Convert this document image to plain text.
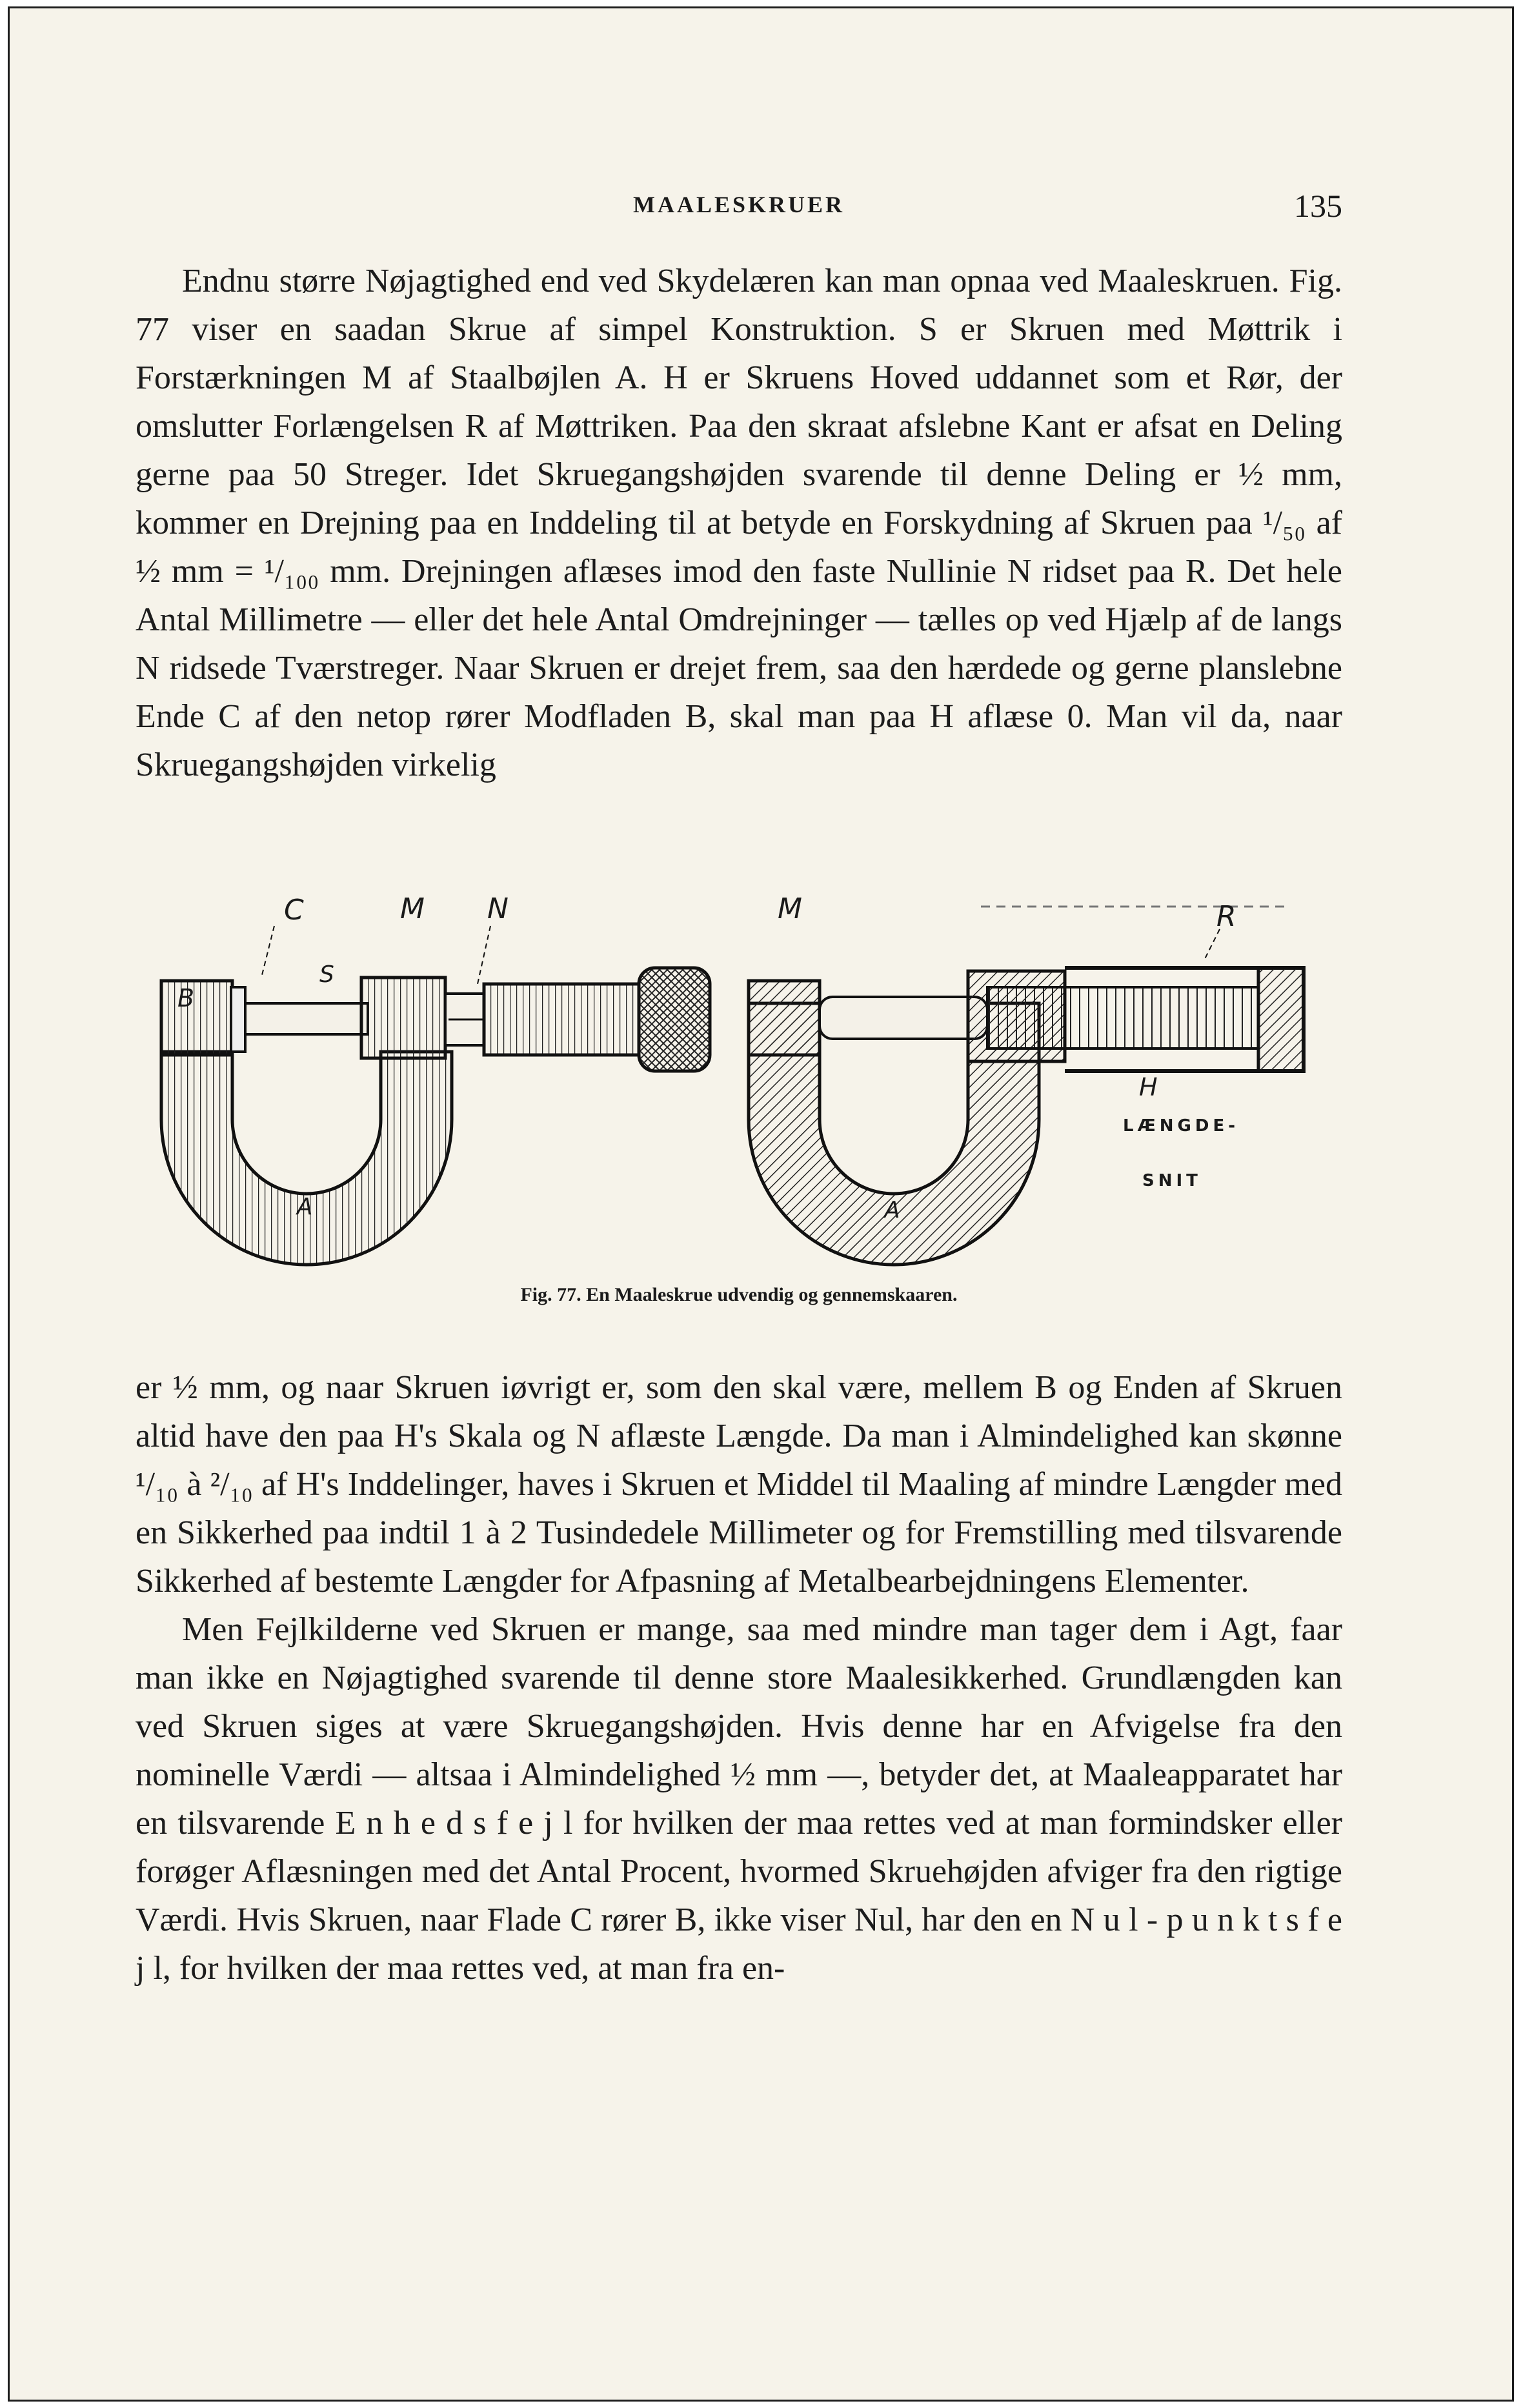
MAALESKRUER	135

Endnu større Nøjagtighed end ved Skydelæren kan man opnaa ved Maaleskruen. Fig. 77 viser en saadan Skrue af simpel Konstruktion. S er Skruen med Møttrik i Forstærkningen M af Staalbøjlen A. H er Skruens Hoved uddannet som et Rør, der omslutter Forlængelsen R af Møttriken. Paa den skraat afslebne Kant er afsat en Deling gerne paa 50 Streger. Idet Skruegangshøjden svarende til denne Deling er ½ mm, kommer en Drejning paa en Inddeling til at betyde en Forskydning af Skruen paa ¹/₅₀ af ½ mm = ¹/₁₀₀ mm. Drejningen aflæses imod den faste Nullinie N ridset paa R. Det hele Antal Millimetre — eller det hele Antal Omdrejninger — tælles op ved Hjælp af de langs N ridsede Tværstreger. Naar Skruen er drejet frem, saa den hærdede og gerne planslebne Ende C af den netop rører Modfladen B, skal man paa H aflæse 0. Man vil da, naar Skruegangshøjden virkelig

C	M N
S
B
A
M	R
H
A
LÆNGDE-
SNIT
Fig. 77. En Maaleskrue udvendig og gennemskaaren.

er ½ mm, og naar Skruen iøvrigt er, som den skal være, mellem B og Enden af Skruen altid have den paa H's Skala og N aflæste Længde. Da man i Almindelighed kan skønne ¹/₁₀ à ²/₁₀ af H's Inddelinger, haves i Skruen et Middel til Maaling af mindre Længder med en Sikkerhed paa indtil 1 à 2 Tusindedele Millimeter og for Fremstilling med tilsvarende Sikkerhed af bestemte Længder for Afpasning af Metalbearbejdningens Elementer.

Men Fejlkilderne ved Skruen er mange, saa med mindre man tager dem i Agt, faar man ikke en Nøjagtighed svarende til denne store Maalesikkerhed. Grundlængden kan ved Skruen siges at være Skruegangshøjden. Hvis denne har en Afvigelse fra den nominelle Værdi — altsaa i Almindelighed ½ mm —, betyder det, at Maaleapparatet har en tilsvarende E n h e d s f e j l for hvilken der maa rettes ved at man formindsker eller forøger Aflæsningen med det Antal Procent, hvormed Skruehøjden afviger fra den rigtige Værdi. Hvis Skruen, naar Flade C rører B, ikke viser Nul, har den en N u l - p u n k t s f e j l, for hvilken der maa rettes ved, at man fra en-
